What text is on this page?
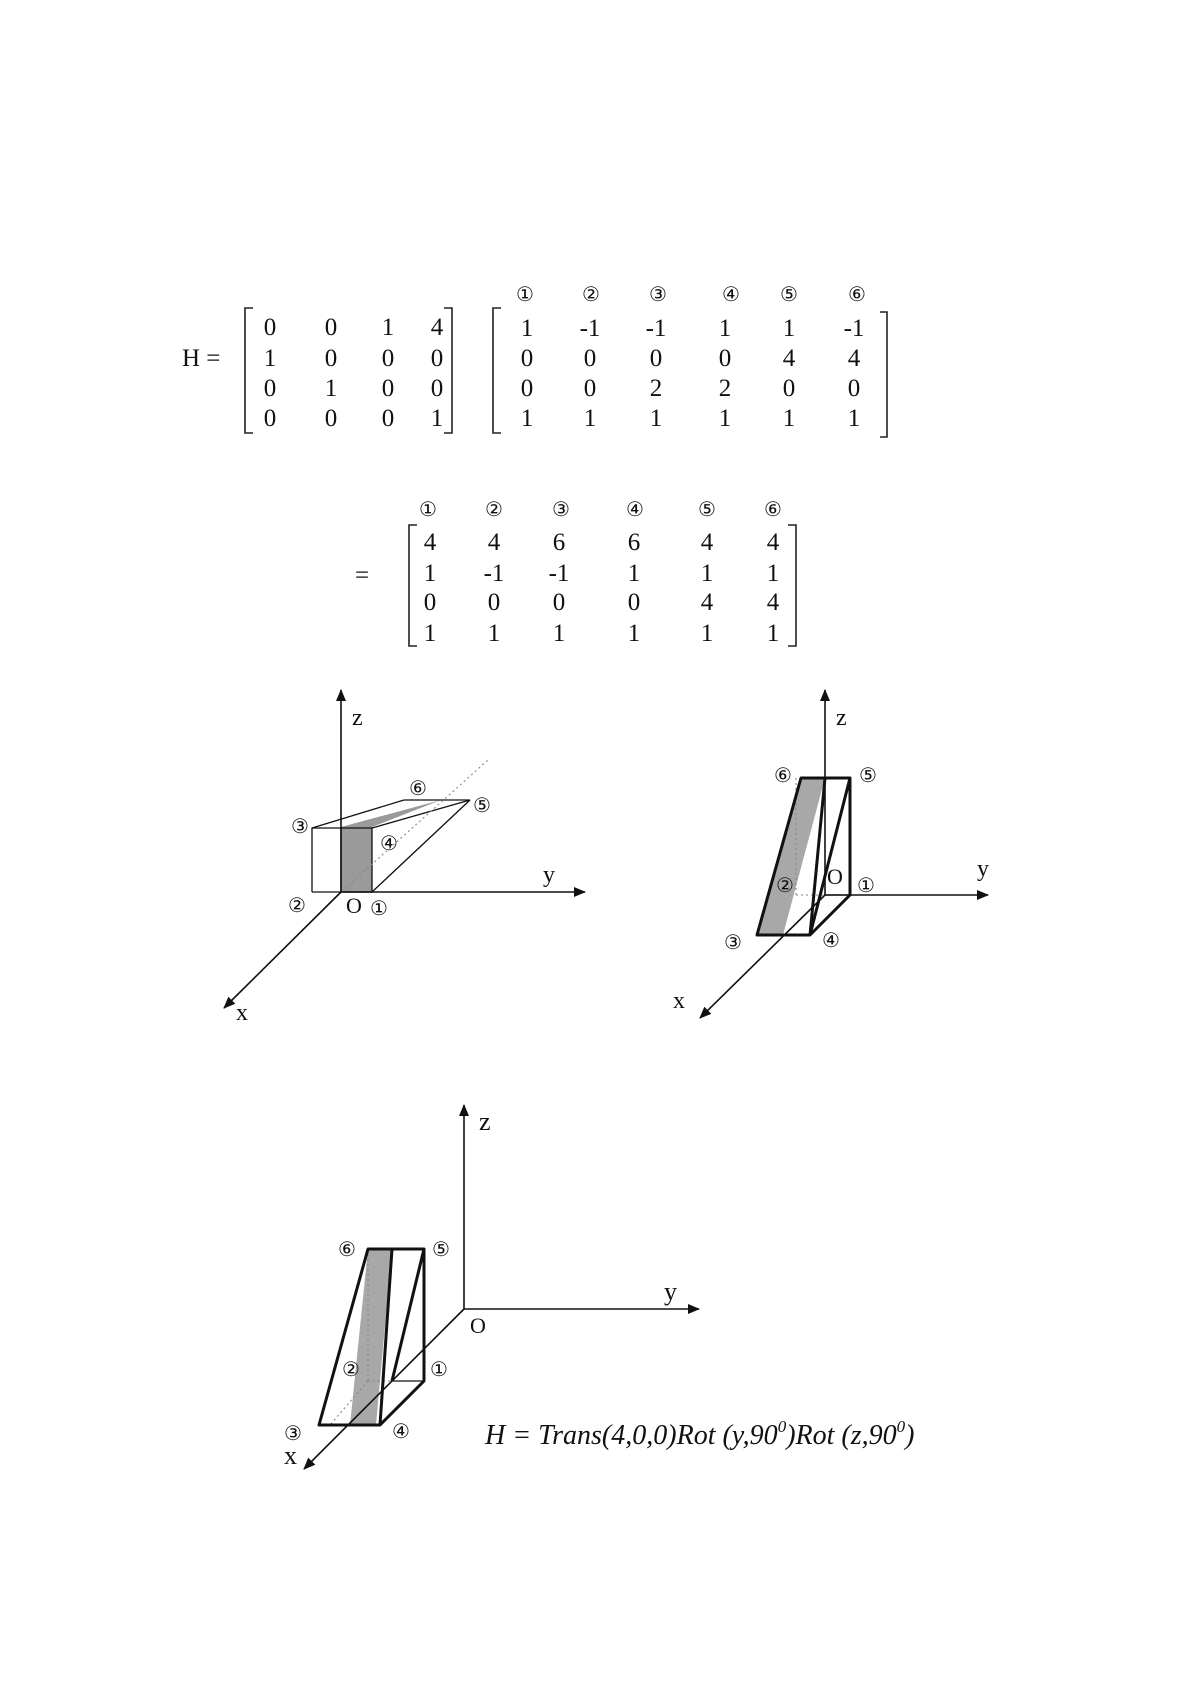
H =
0 0 1 4
1 0 0 0
0 1 0 0
0 0 0 1
① ② ③	④ ⑤	⑥
1 -1 -1 1 1 -1
0 0 0 0 4 4
0 0 2 2 0 0
1 1 1 1 1 1
=
① ② ③	④	⑤ ⑥
4 4 6	6 4 4
1 -1 -1 1 1 1
0 0 0	0 4 4
1 1 1	1 1 1
z
y
x
O ①
②
③
④
⑤
⑥
z
y
x
O ①
②
③	④
⑤
⑥
z
y
x
O
①
②
③	④
⑤
⑥
H = Trans(4,0,0)Rot $(y,90^0)Rot$ $(z,90^0)$
